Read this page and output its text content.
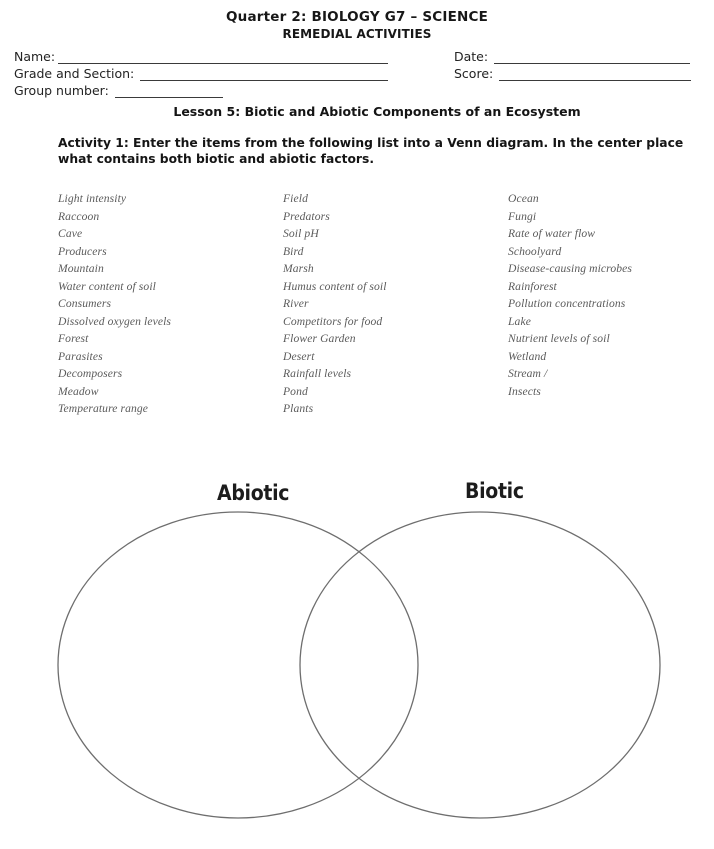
Quarter 2: BIOLOGY G7 – SCIENCE
REMEDIAL ACTIVITIES
Name:	Date:
Grade and Section:	Score:
Group number:
Lesson 5: Biotic and Abiotic Components of an Ecosystem
Activity 1: Enter the items from the following list into a Venn diagram. In the center place what contains both biotic and abiotic factors.
Light intensity
Raccoon
Cave
Producers
Mountain
Water content of soil
Consumers
Dissolved oxygen levels
Forest
Parasites
Decomposers
Meadow
Temperature range
Field
Predators
Soil pH
Bird
Marsh
Humus content of soil
River
Competitors for food
Flower Garden
Desert
Rainfall levels
Pond
Plants
Ocean
Fungi
Rate of water flow
Schoolyard
Disease-causing microbes
Rainforest
Pollution concentrations
Lake
Nutrient levels of soil
Wetland
Stream /
Insects
Abiotic	Biotic
